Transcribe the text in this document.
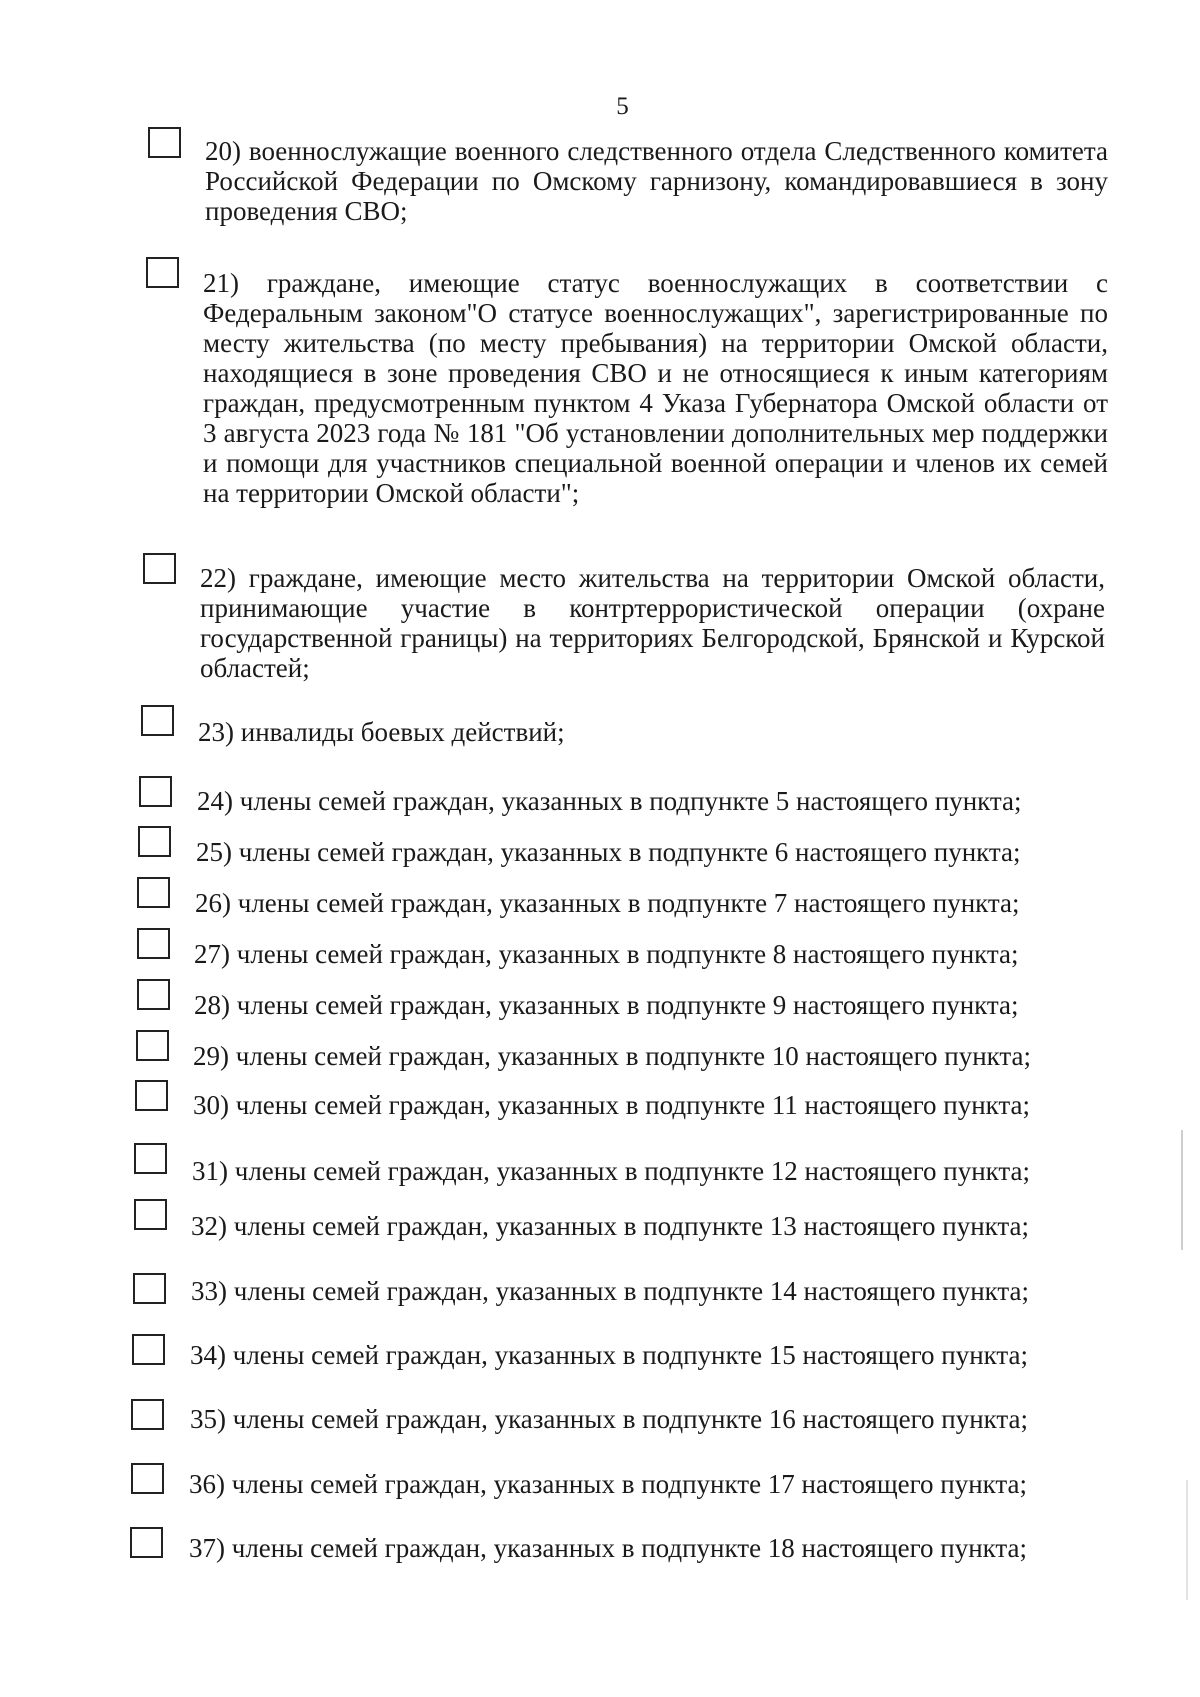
5
20) военнослужащие военного следственного отдела Следственного комитета Российской Федерации по Омскому гарнизону, командировавшиеся в зону проведения СВО;
21) граждане, имеющие статус военнослужащих в соответствии с Федеральным законом"О статусе военнослужащих", зарегистрированные по месту жительства (по месту пребывания) на территории Омской области, находящиеся в зоне проведения СВО и не относящиеся к иным категориям граждан, предусмотренным пунктом 4 Указа Губернатора Омской области от 3 августа 2023 года № 181 "Об установлении дополнительных мер поддержки и помощи для участников специальной военной операции и членов их семей на территории Омской области";
22) граждане, имеющие место жительства на территории Омской области, принимающие участие в контртеррористической операции (охране государственной границы) на территориях Белгородской, Брянской и Курской областей;
23) инвалиды боевых действий;
24) члены семей граждан, указанных в подпункте 5 настоящего пункта;
25) члены семей граждан, указанных в подпункте 6 настоящего пункта;
26) члены семей граждан, указанных в подпункте 7 настоящего пункта;
27) члены семей граждан, указанных в подпункте 8 настоящего пункта;
28) члены семей граждан, указанных в подпункте 9 настоящего пункта;
29) члены семей граждан, указанных в подпункте 10 настоящего пункта;
30) члены семей граждан, указанных в подпункте 11 настоящего пункта;
31) члены семей граждан, указанных в подпункте 12 настоящего пункта;
32) члены семей граждан, указанных в подпункте 13 настоящего пункта;
33) члены семей граждан, указанных в подпункте 14 настоящего пункта;
34) члены семей граждан, указанных в подпункте 15 настоящего пункта;
35) члены семей граждан, указанных в подпункте 16 настоящего пункта;
36) члены семей граждан, указанных в подпункте 17 настоящего пункта;
37) члены семей граждан, указанных в подпункте 18 настоящего пункта;
